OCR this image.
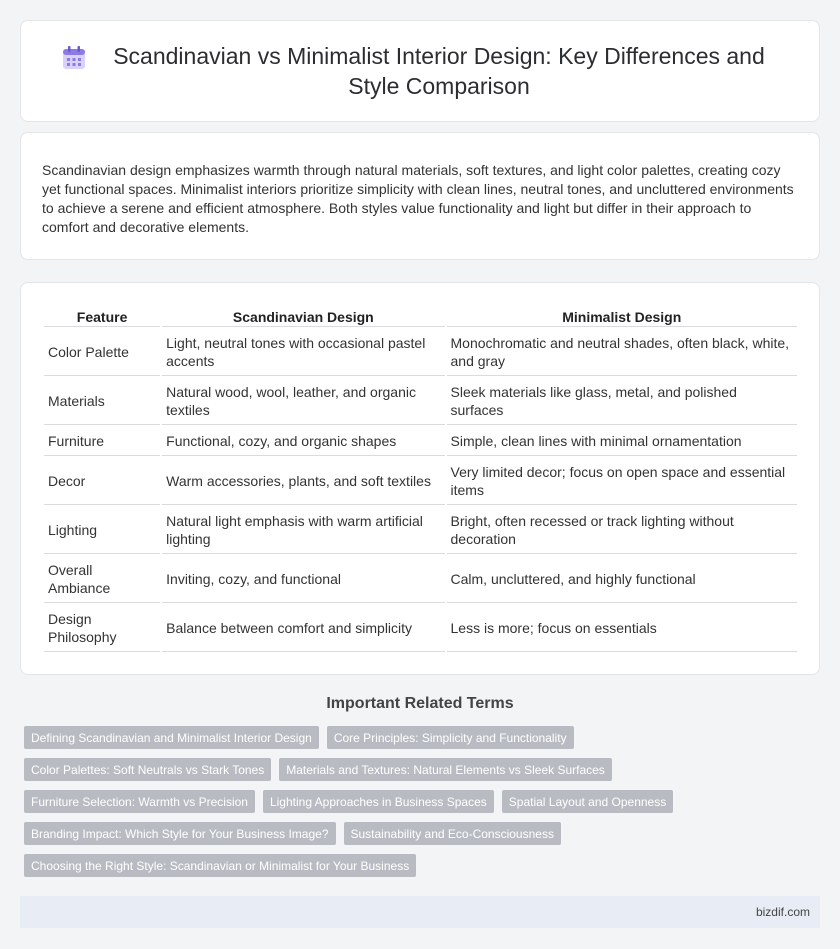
Scandinavian vs Minimalist Interior Design: Key Differences and Style Comparison

Scandinavian design emphasizes warmth through natural materials, soft textures, and light color palettes, creating cozy yet functional spaces. Minimalist interiors prioritize simplicity with clean lines, neutral tones, and uncluttered environments to achieve a serene and efficient atmosphere. Both styles value functionality and light but differ in their approach to comfort and decorative elements.

Feature	Scandinavian Design	Minimalist Design
Color Palette	Light, neutral tones with occasional pastel accents	Monochromatic and neutral shades, often black, white, and gray
Materials	Natural wood, wool, leather, and organic textiles	Sleek materials like glass, metal, and polished surfaces
Furniture	Functional, cozy, and organic shapes	Simple, clean lines with minimal ornamentation
Decor	Warm accessories, plants, and soft textiles	Very limited decor; focus on open space and essential items
Lighting	Natural light emphasis with warm artificial lighting	Bright, often recessed or track lighting without decoration
Overall Ambiance	Inviting, cozy, and functional	Calm, uncluttered, and highly functional
Design Philosophy	Balance between comfort and simplicity	Less is more; focus on essentials
Important Related Terms
Defining Scandinavian and Minimalist Interior Design	Core Principles: Simplicity and Functionality
Color Palettes: Soft Neutrals vs Stark Tones	Materials and Textures: Natural Elements vs Sleek Surfaces
Furniture Selection: Warmth vs Precision	Lighting Approaches in Business Spaces	Spatial Layout and Openness
Branding Impact: Which Style for Your Business Image?	Sustainability and Eco-Consciousness
Choosing the Right Style: Scandinavian or Minimalist for Your Business
bizdif.com
